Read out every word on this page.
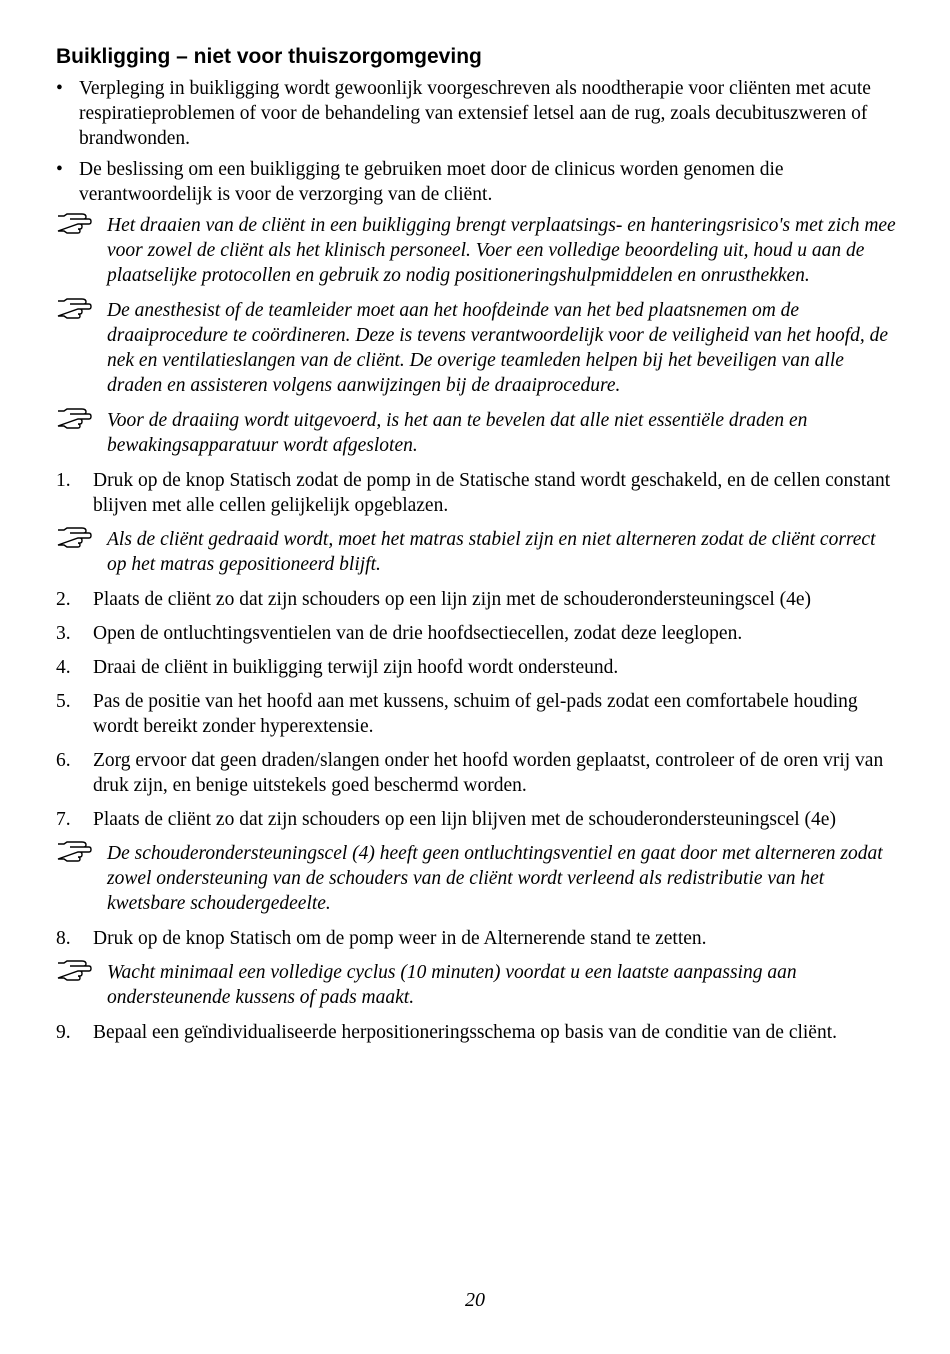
Buikligging – niet voor thuiszorgomgeving
• Verpleging in buikligging wordt gewoonlijk voorgeschreven als noodtherapie voor cliënten met acute respiratieproblemen of voor de behandeling van extensief letsel aan de rug, zoals decubituszweren of brandwonden.
• De beslissing om een buikligging te gebruiken moet door de clinicus worden genomen die verantwoordelijk is voor de verzorging van de cliënt.
Het draaien van de cliënt in een buikligging brengt verplaatsings- en hanteringsrisico's met zich mee voor zowel de cliënt als het klinisch personeel. Voer een volledige beoordeling uit, houd u aan de plaatselijke protocollen en gebruik zo nodig positioneringshulpmiddelen en onrusthekken.
De anesthesist of de teamleider moet aan het hoofdeinde van het bed plaatsnemen om de draaiprocedure te coördineren. Deze is tevens verantwoordelijk voor de veiligheid van het hoofd, de nek en ventilatieslangen van de cliënt. De overige teamleden helpen bij het beveiligen van alle draden en assisteren volgens aanwijzingen bij de draaiprocedure.
Voor de draaiing wordt uitgevoerd, is het aan te bevelen dat alle niet essentiële draden en bewakingsapparatuur wordt afgesloten.
1. Druk op de knop Statisch zodat de pomp in de Statische stand wordt geschakeld, en de cellen constant blijven met alle cellen gelijkelijk opgeblazen.
Als de cliënt gedraaid wordt, moet het matras stabiel zijn en niet alterneren zodat de cliënt correct op het matras gepositioneerd blijft.
2. Plaats de cliënt zo dat zijn schouders op een lijn zijn met de schouderondersteuningscel (4e)
3. Open de ontluchtingsventielen van de drie hoofdsectiecellen, zodat deze leeglopen.
4. Draai de cliënt in buikligging terwijl zijn hoofd wordt ondersteund.
5. Pas de positie van het hoofd aan met kussens, schuim of gel-pads zodat een comfortabele houding wordt bereikt zonder hyperextensie.
6. Zorg ervoor dat geen draden/slangen onder het hoofd worden geplaatst, controleer of de oren vrij van druk zijn, en benige uitstekels goed beschermd worden.
7. Plaats de cliënt zo dat zijn schouders op een lijn blijven met de schouderondersteuningscel (4e)
De schouderondersteuningscel (4) heeft geen ontluchtingsventiel en gaat door met alterneren zodat zowel ondersteuning van de schouders van de cliënt wordt verleend als redistributie van het kwetsbare schoudergedeelte.
8. Druk op de knop Statisch om de pomp weer in de Alternerende stand te zetten.
Wacht minimaal een volledige cyclus (10 minuten) voordat u een laatste aanpassing aan ondersteunende kussens of pads maakt.
9. Bepaal een geïndividualiseerde herpositioneringsschema op basis van de conditie van de cliënt.
20
